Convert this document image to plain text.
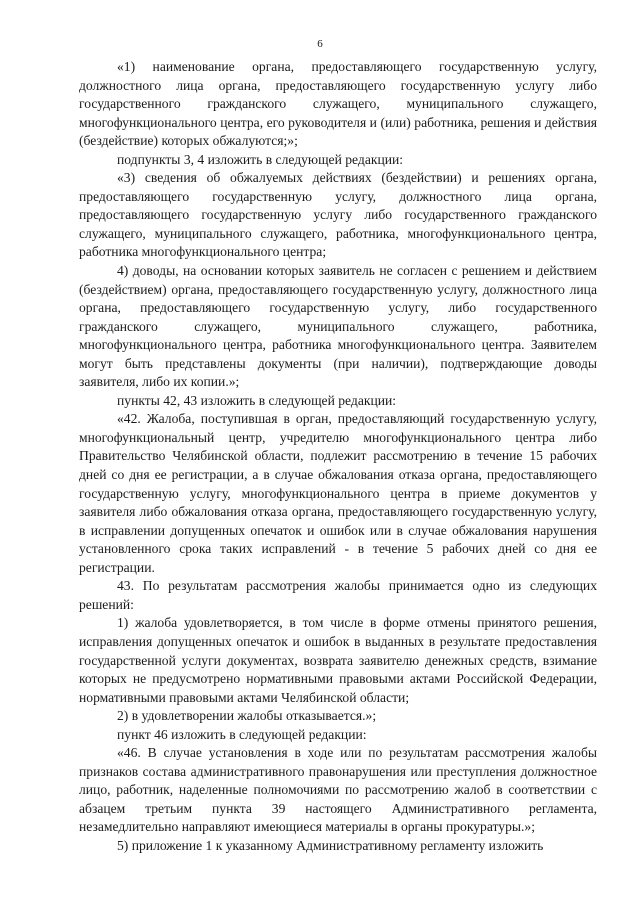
6

«1) наименование органа, предоставляющего государственную услугу, должностного лица органа, предоставляющего государственную услугу либо государственного гражданского служащего, муниципального служащего, многофункционального центра, его руководителя и (или) работника, решения и действия (бездействие) которых обжалуются;»;

подпункты 3, 4 изложить в следующей редакции:

«3) сведения об обжалуемых действиях (бездействии) и решениях органа, предоставляющего государственную услугу, должностного лица органа, предоставляющего государственную услугу либо государственного гражданского служащего, муниципального служащего, работника, многофункционального центра, работника многофункционального центра;

4) доводы, на основании которых заявитель не согласен с решением и действием (бездействием) органа, предоставляющего государственную услугу, должностного лица органа, предоставляющего государственную услугу, либо государственного гражданского служащего, муниципального служащего, работника, многофункционального центра, работника многофункционального центра. Заявителем могут быть представлены документы (при наличии), подтверждающие доводы заявителя, либо их копии.»;

пункты 42, 43 изложить в следующей редакции:

«42. Жалоба, поступившая в орган, предоставляющий государственную услугу, многофункциональный центр, учредителю многофункционального центра либо Правительство Челябинской области, подлежит рассмотрению в течение 15 рабочих дней со дня ее регистрации, а в случае обжалования отказа органа, предоставляющего государственную услугу, многофункционального центра в приеме документов у заявителя либо обжалования отказа органа, предоставляющего государственную услугу, в исправлении допущенных опечаток и ошибок или в случае обжалования нарушения установленного срока таких исправлений - в течение 5 рабочих дней со дня ее регистрации.

43. По результатам рассмотрения жалобы принимается одно из следующих решений:

1) жалоба удовлетворяется, в том числе в форме отмены принятого решения, исправления допущенных опечаток и ошибок в выданных в результате предоставления государственной услуги документах, возврата заявителю денежных средств, взимание которых не предусмотрено нормативными правовыми актами Российской Федерации, нормативными правовыми актами Челябинской области;

2) в удовлетворении жалобы отказывается.»;

пункт 46 изложить в следующей редакции:

«46. В случае установления в ходе или по результатам рассмотрения жалобы признаков состава административного правонарушения или преступления должностное лицо, работник, наделенные полномочиями по рассмотрению жалоб в соответствии с абзацем третьим пункта 39 настоящего Административного регламента, незамедлительно направляют имеющиеся материалы в органы прокуратуры.»;

5) приложение 1 к указанному Административному регламенту изложить
